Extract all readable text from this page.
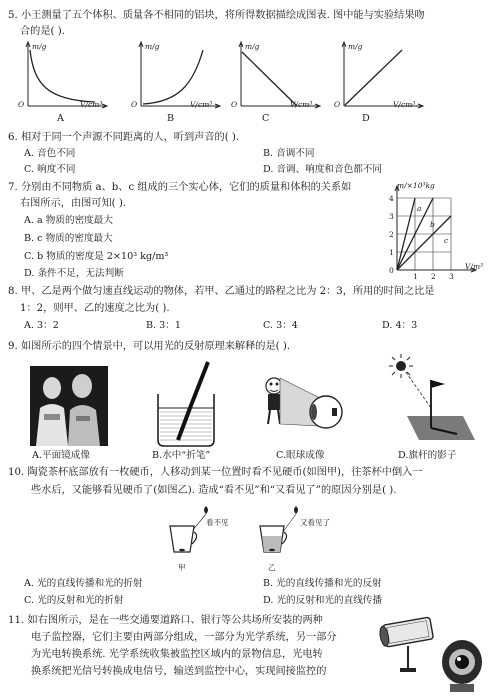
5. 小王测量了五个体积、质量各不相同的铝块，将所得数据描绘成图表. 图中能与实验结果吻
合的是( ).
m/g
O	V/cm³
A
m/g
O	V/cm³
B
m/g
O	V/cm³
C
m/g
O	V/cm³
D
6. 相对于同一个声源不同距离的人，听到声音的( ).
A. 音色不同	B. 音调不同
C. 响度不同	D. 音调、响度和音色都不同
7. 分别由不同物质 a、b、c 组成的三个实心体，它们的质量和体积的关系如
右图所示，由图可知( ).
A. a 物质的密度最大
B. c 物质的密度最大
C. b 物质的密度是 2×10³ kg/m³
D. 条件不足，无法判断
m/×10³kg
4
3
2
1
0
1 2 3
V/m³
a
b
c
8. 甲、乙是两个做匀速直线运动的物体，若甲、乙通过的路程之比为 2：3，所用的时间之比是
1：2，则甲、乙的速度之比为( ).
A. 3：2	B. 3：1	C. 3：4	D. 4：3
9. 如图所示的四个情景中，可以用光的反射原理来解释的是( ).
A.平面镜成像	B.水中“折笔”	C.眼球成像	D.旗杆的影子
10. 陶瓷茶杯底部放有一枚硬币，人移动到某一位置时看不见硬币(如图甲)，往茶杯中倒入一
些水后，又能够看见硬币了(如图乙). 造成“看不见”和“又看见了”的原因分别是( ).
看不见	又看见了
甲	乙
A. 光的直线传播和光的折射	B. 光的直线传播和光的反射
C. 光的反射和光的折射	D. 光的反射和光的直线传播
11. 如右图所示，是在一些交通要道路口、银行等公共场所安装的两种
电子监控器，它们主要由两部分组成，一部分为光学系统，另一部分
为光电转换系统. 光学系统收集被监控区域内的景物信息，光电转
换系统把光信号转换成电信号，输送到监控中心，实现间接监控的
